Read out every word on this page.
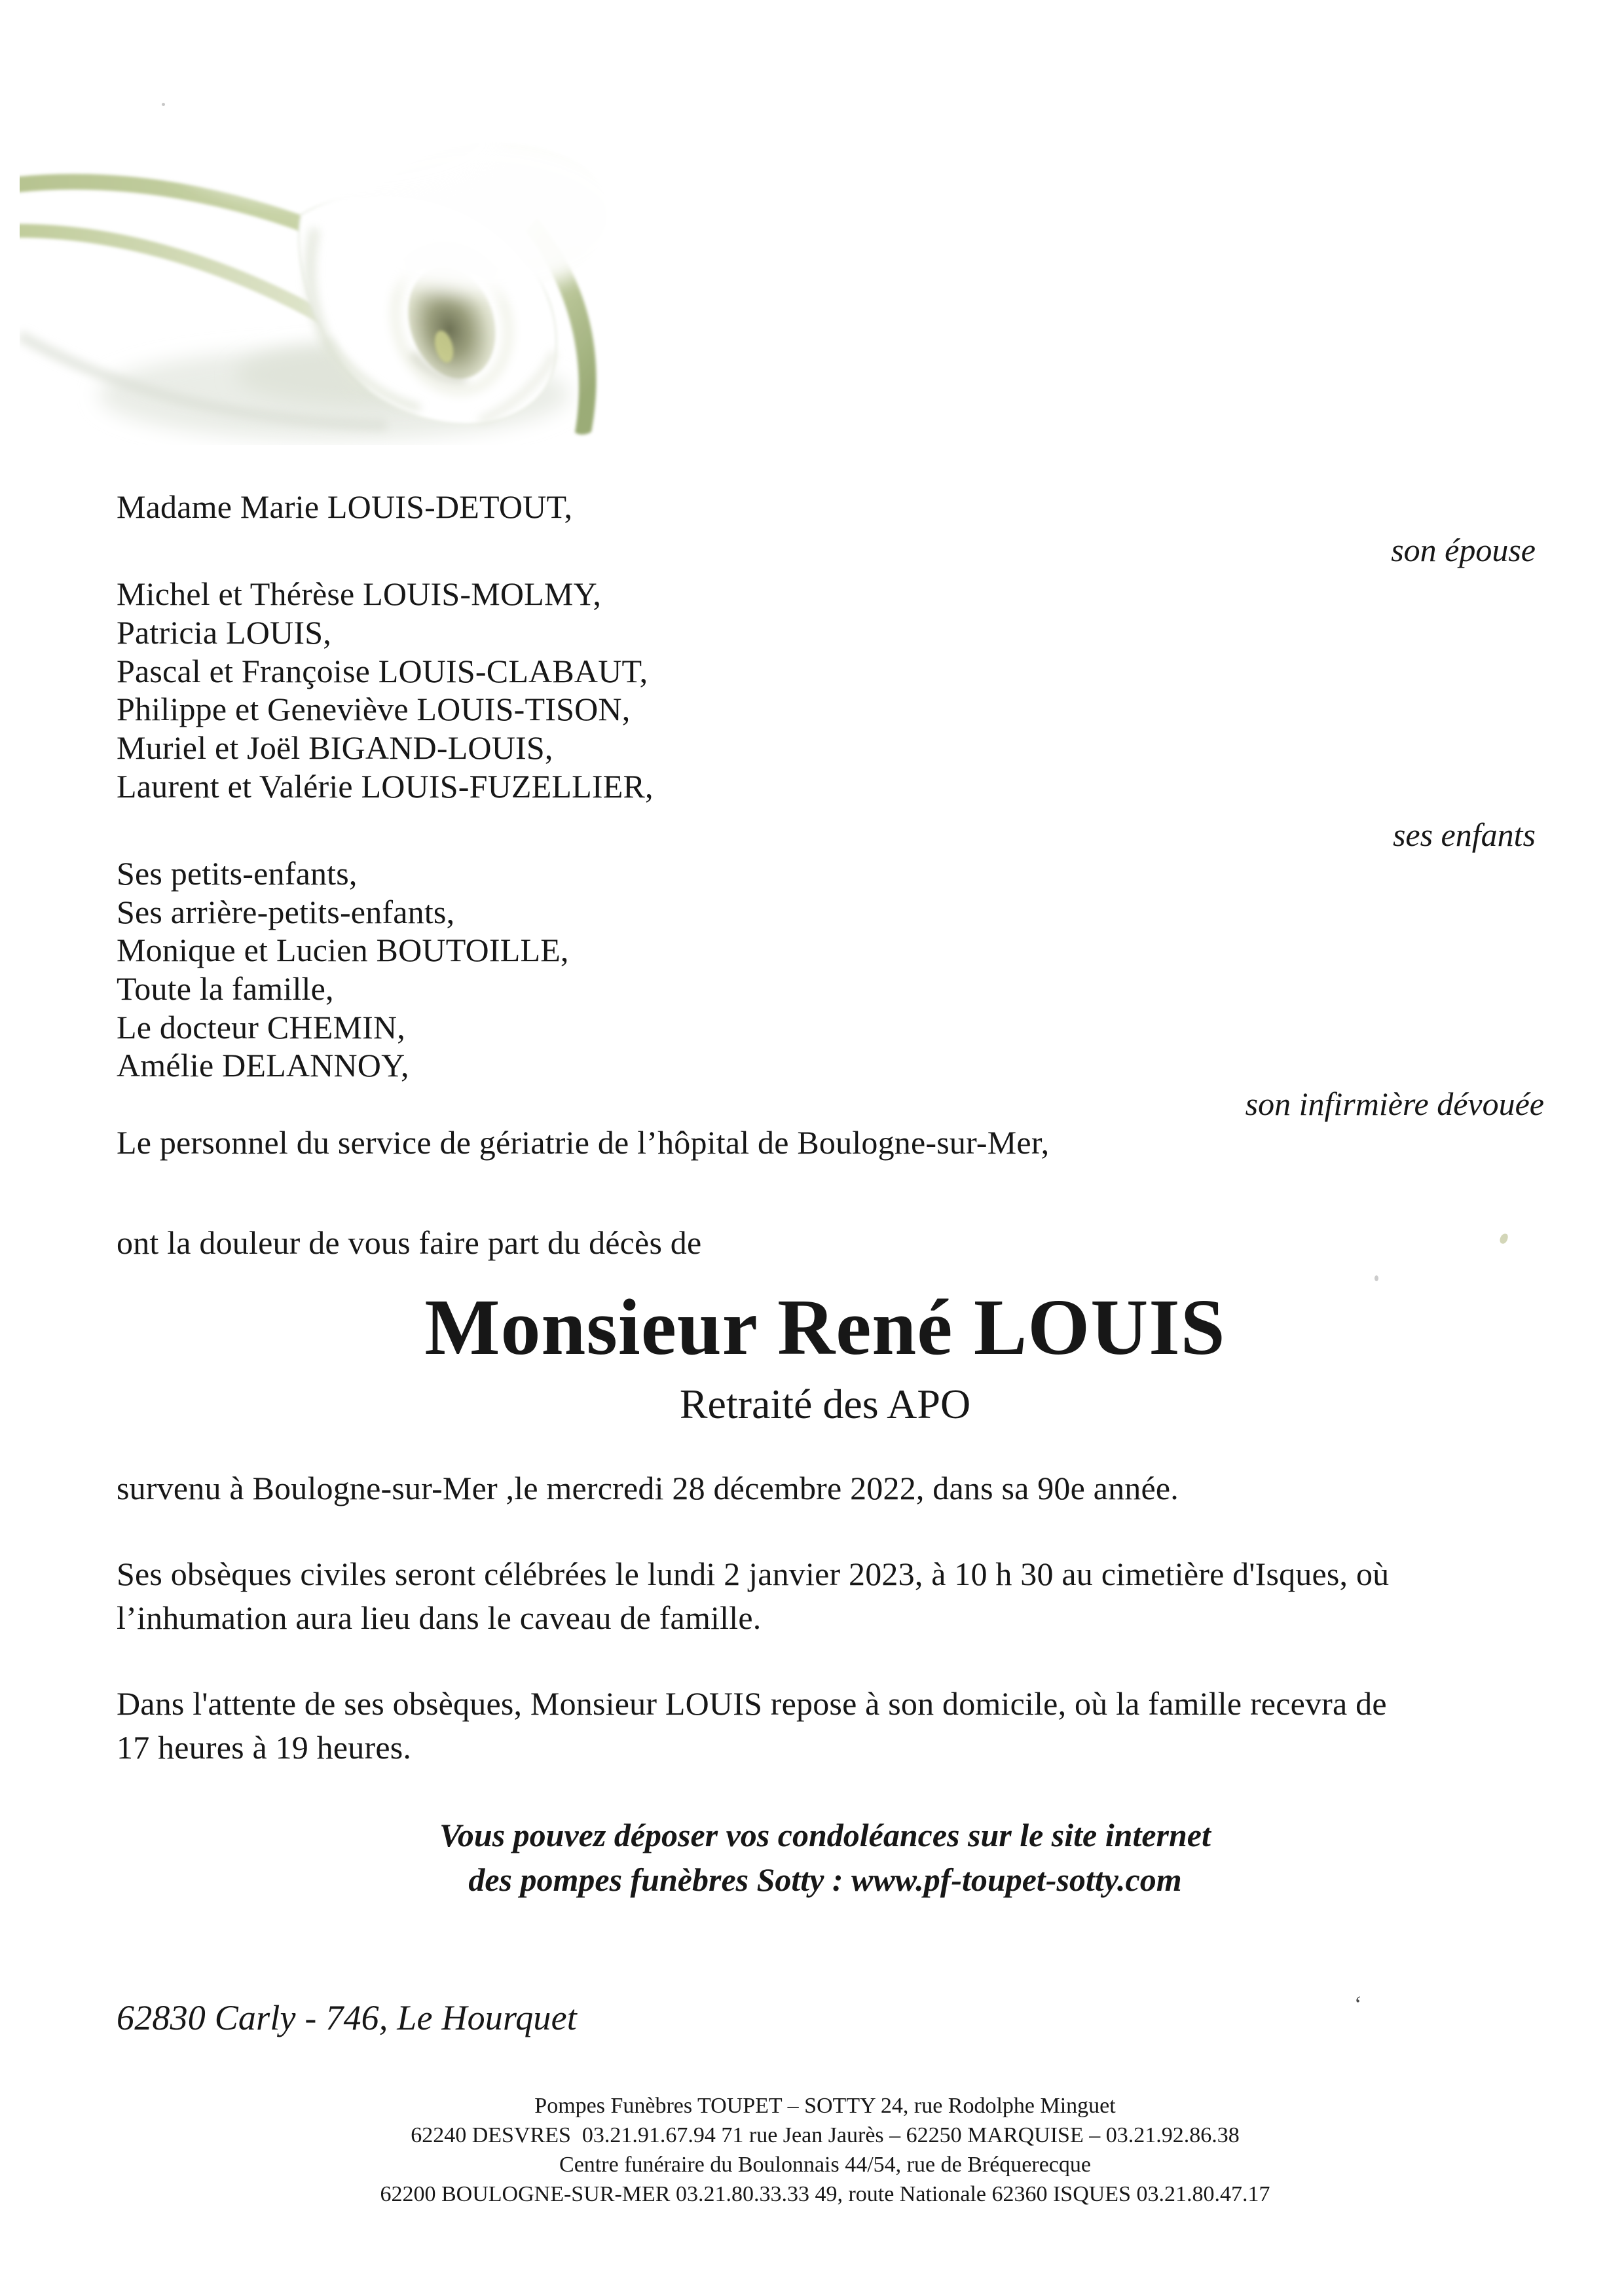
Madame Marie LOUIS-DETOUT,
son épouse
Michel et Thérèse LOUIS-MOLMY,
Patricia LOUIS,
Pascal et Françoise LOUIS-CLABAUT,
Philippe et Geneviève LOUIS-TISON,
Muriel et Joël BIGAND-LOUIS,
Laurent et Valérie LOUIS-FUZELLIER,
ses enfants
Ses petits-enfants,
Ses arrière-petits-enfants,
Monique et Lucien BOUTOILLE,
Toute la famille,
Le docteur CHEMIN,
Amélie DELANNOY,
son infirmière dévouée
Le personnel du service de gériatrie de l’hôpital de Boulogne-sur-Mer,
ont la douleur de vous faire part du décès de
Monsieur René LOUIS
Retraité des APO
survenu à Boulogne-sur-Mer ,le mercredi 28 décembre 2022, dans sa 90e année.
Ses obsèques civiles seront célébrées le lundi 2 janvier 2023, à 10 h 30 au cimetière d'Isques, où
l’inhumation aura lieu dans le caveau de famille.
Dans l'attente de ses obsèques, Monsieur LOUIS repose à son domicile, où la famille recevra de
17 heures à 19 heures.
Vous pouvez déposer vos condoléances sur le site internet
des pompes funèbres Sotty : www.pf-toupet-sotty.com
62830 Carly - 746, Le Hourquet
Pompes Funèbres TOUPET – SOTTY 24, rue Rodolphe Minguet
62240 DESVRES  03.21.91.67.94 71 rue Jean Jaurès – 62250 MARQUISE – 03.21.92.86.38
Centre funéraire du Boulonnais 44/54, rue de Bréquerecque
62200 BOULOGNE-SUR-MER 03.21.80.33.33 49, route Nationale 62360 ISQUES 03.21.80.47.17
‘
